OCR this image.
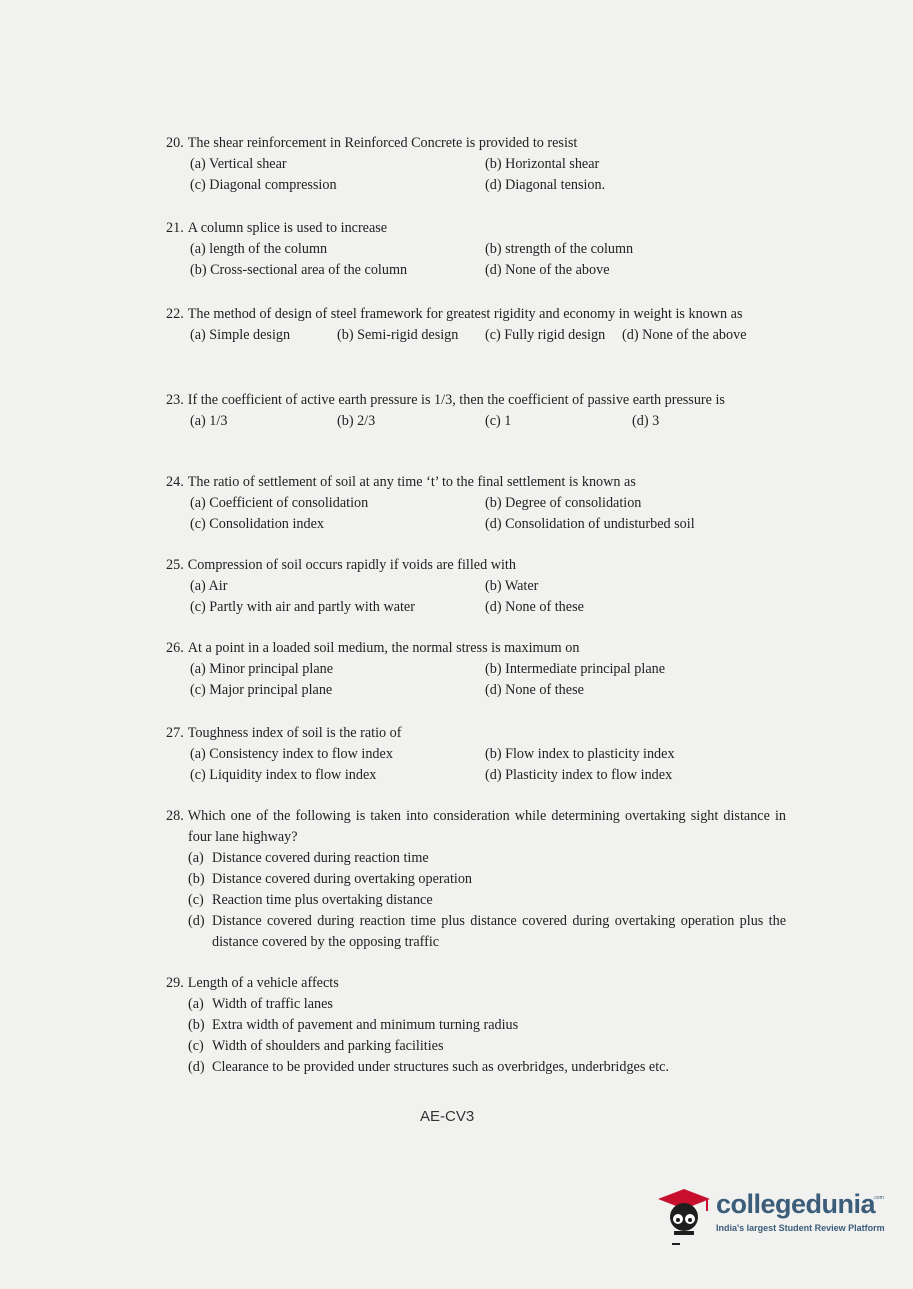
20. The shear reinforcement in Reinforced Concrete is provided to resist
(a) Vertical shear	(b) Horizontal shear
(c) Diagonal compression	(d) Diagonal tension.
21. A column splice is used to increase
(a) length of the column	(b) strength of the column
(b) Cross-sectional area of the column	(d) None of the above
22. The method of design of steel framework for greatest rigidity and economy in weight is known as
(a) Simple design	(b) Semi-rigid design	(c) Fully rigid design	(d) None of the above
23. If the coefficient of active earth pressure is 1/3, then the coefficient of passive earth pressure is
(a) 1/3	(b) 2/3	(c) 1	(d) 3
24. The ratio of settlement of soil at any time ‘t’ to the final settlement is known as
(a) Coefficient of consolidation	(b) Degree of consolidation
(c) Consolidation index	(d) Consolidation of undisturbed soil
25. Compression of soil occurs rapidly if voids are filled with
(a) Air	(b) Water
(c) Partly with air and partly with water	(d) None of these
26. At a point in a loaded soil medium, the normal stress is maximum on
(a) Minor principal plane	(b) Intermediate principal plane
(c) Major principal plane	(d) None of these
27. Toughness index of soil is the ratio of
(a) Consistency index to flow index	(b) Flow index to plasticity index
(c) Liquidity index to flow index	(d) Plasticity index to flow index
28. Which one of the following is taken into consideration while determining overtaking sight distance in four lane highway?
(a) Distance covered during reaction time
(b) Distance covered during overtaking operation
(c) Reaction time plus overtaking distance
(d) Distance covered during reaction time plus distance covered during overtaking operation plus the distance covered by the opposing traffic
29. Length of a vehicle affects
(a) Width of traffic lanes
(b) Extra width of pavement and minimum turning radius
(c) Width of shoulders and parking facilities
(d) Clearance to be provided under structures such as overbridges, underbridges etc.
AE-CV3
collegedunia
.com
India's largest Student Review Platform
